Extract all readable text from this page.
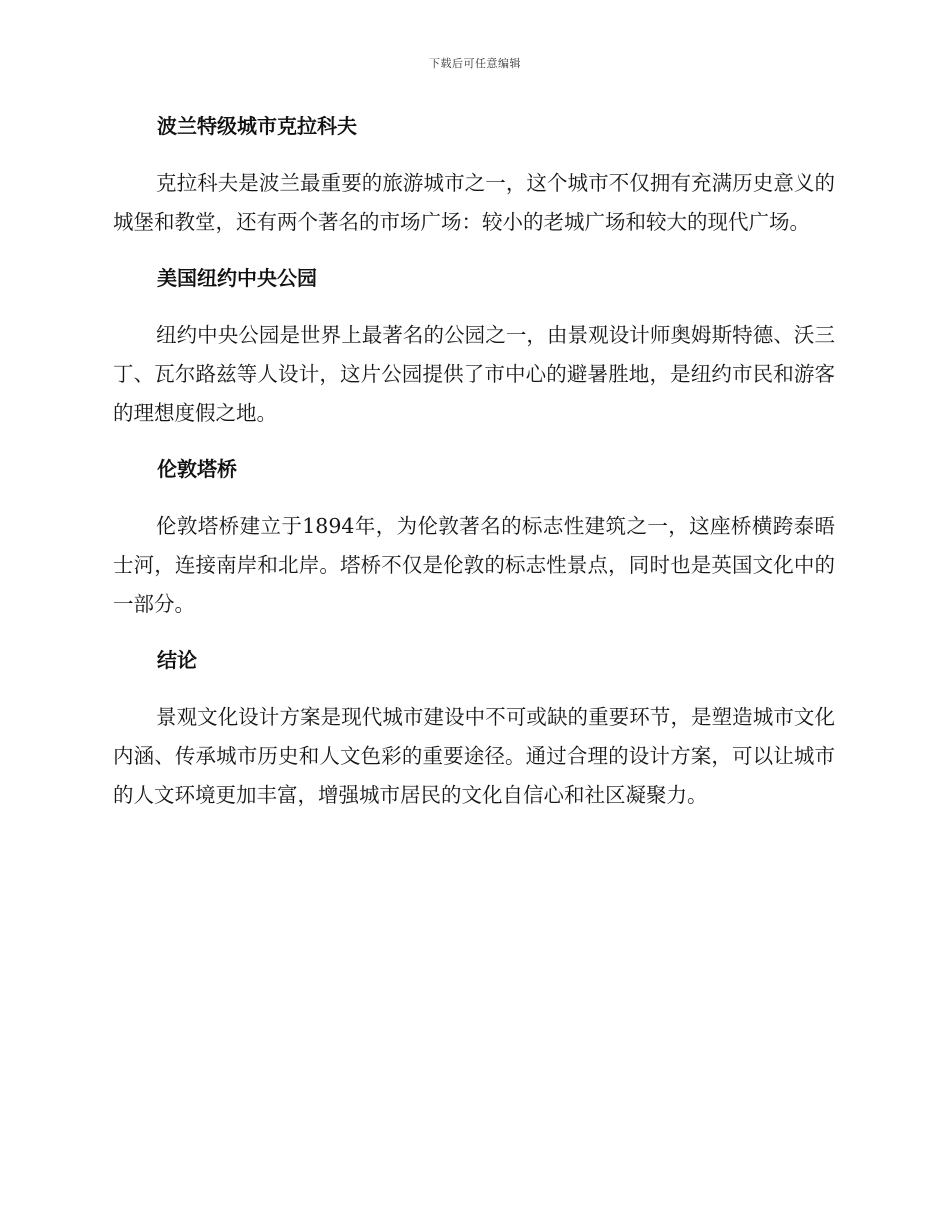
下载后可任意编辑
波兰特级城市克拉科夫

克拉科夫是波兰最重要的旅游城市之一，这个城市不仅拥有充满历史意义的城堡和教堂，还有两个著名的市场广场：较小的老城广场和较大的现代广场。

美国纽约中央公园

纽约中央公园是世界上最著名的公园之一，由景观设计师奥姆斯特德、沃三丁、瓦尔路兹等人设计，这片公园提供了市中心的避暑胜地，是纽约市民和游客的理想度假之地。

伦敦塔桥

伦敦塔桥建立于1894年，为伦敦著名的标志性建筑之一，这座桥横跨泰晤士河，连接南岸和北岸。塔桥不仅是伦敦的标志性景点，同时也是英国文化中的一部分。

结论

景观文化设计方案是现代城市建设中不可或缺的重要环节，是塑造城市文化内涵、传承城市历史和人文色彩的重要途径。通过合理的设计方案，可以让城市的人文环境更加丰富，增强城市居民的文化自信心和社区凝聚力。
